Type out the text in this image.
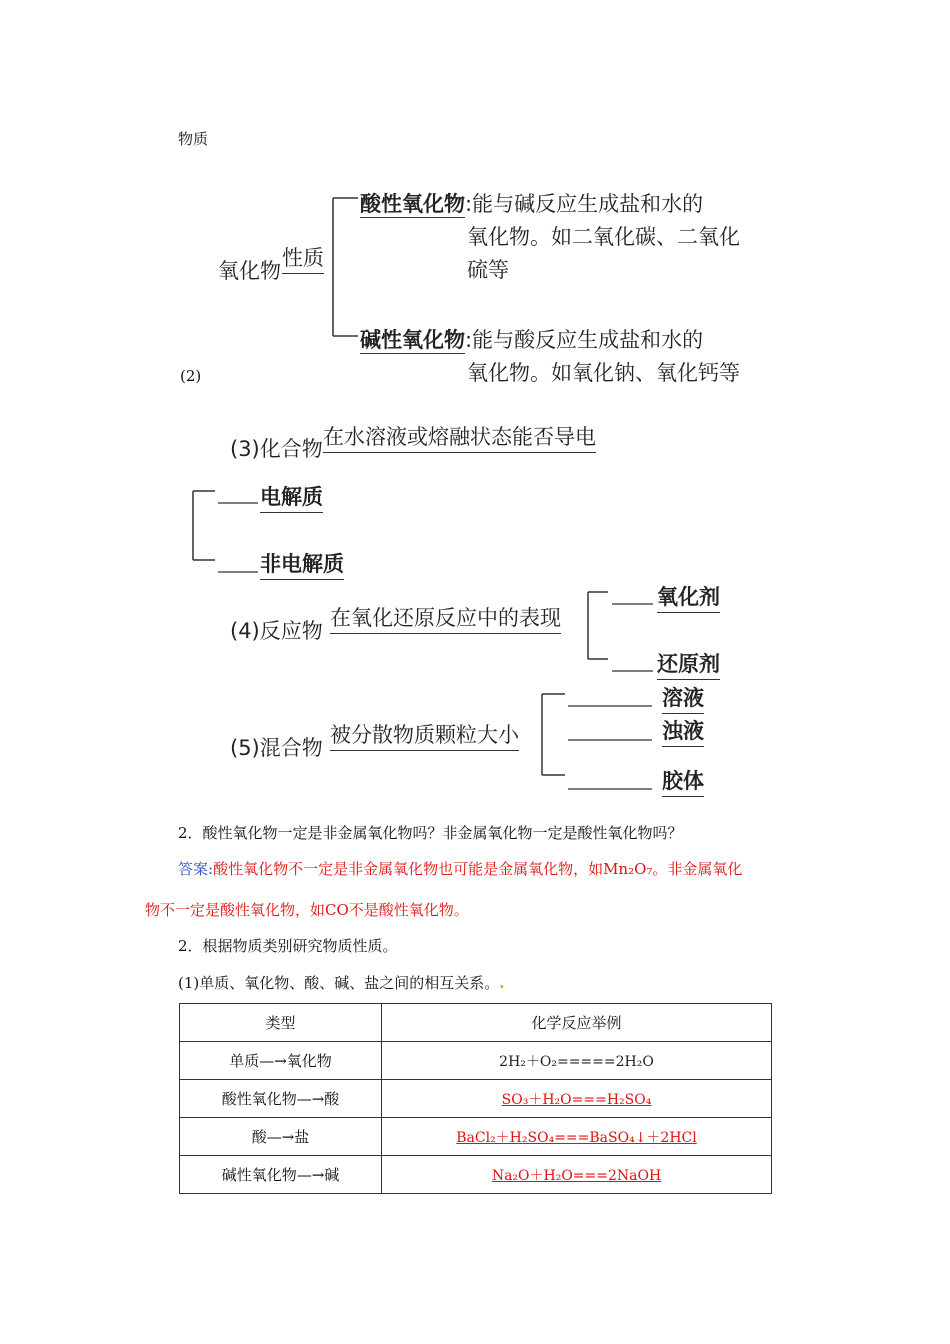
物质
氧化物
性质
酸性氧化物:能与碱反应生成盐和水的
氧化物。如二氧化碳、二氧化
硫等
碱性氧化物:能与酸反应生成盐和水的
氧化物。如氧化钠、氧化钙等
(2)
(3)化合物 在水溶液或熔融状态能否导电
电解质
非电解质
(4)反应物
在氧化还原反应中的表现
氧化剂
还原剂
(5)混合物
被分散物质颗粒大小
溶液
浊液
胶体
2．酸性氧化物一定是非金属氧化物吗？非金属氧化物一定是酸性氧化物吗？
答案:酸性氧化物不一定是非金属氧化物也可能是金属氧化物，如Mn₂O₇。非金属氧化
物不一定是酸性氧化物，如CO不是酸性氧化物。
2．根据物质类别研究物质性质。
(1)单质、氧化物、酸、碱、盐之间的相互关系。.
类型	化学反应举例
单质—→氧化物	2H₂＋O₂=====2H₂O
酸性氧化物—→酸	SO₃＋H₂O===H₂SO₄
酸—→盐	BaCl₂＋H₂SO₄===BaSO₄↓＋2HCl
碱性氧化物—→碱	Na₂O＋H₂O===2NaOH
